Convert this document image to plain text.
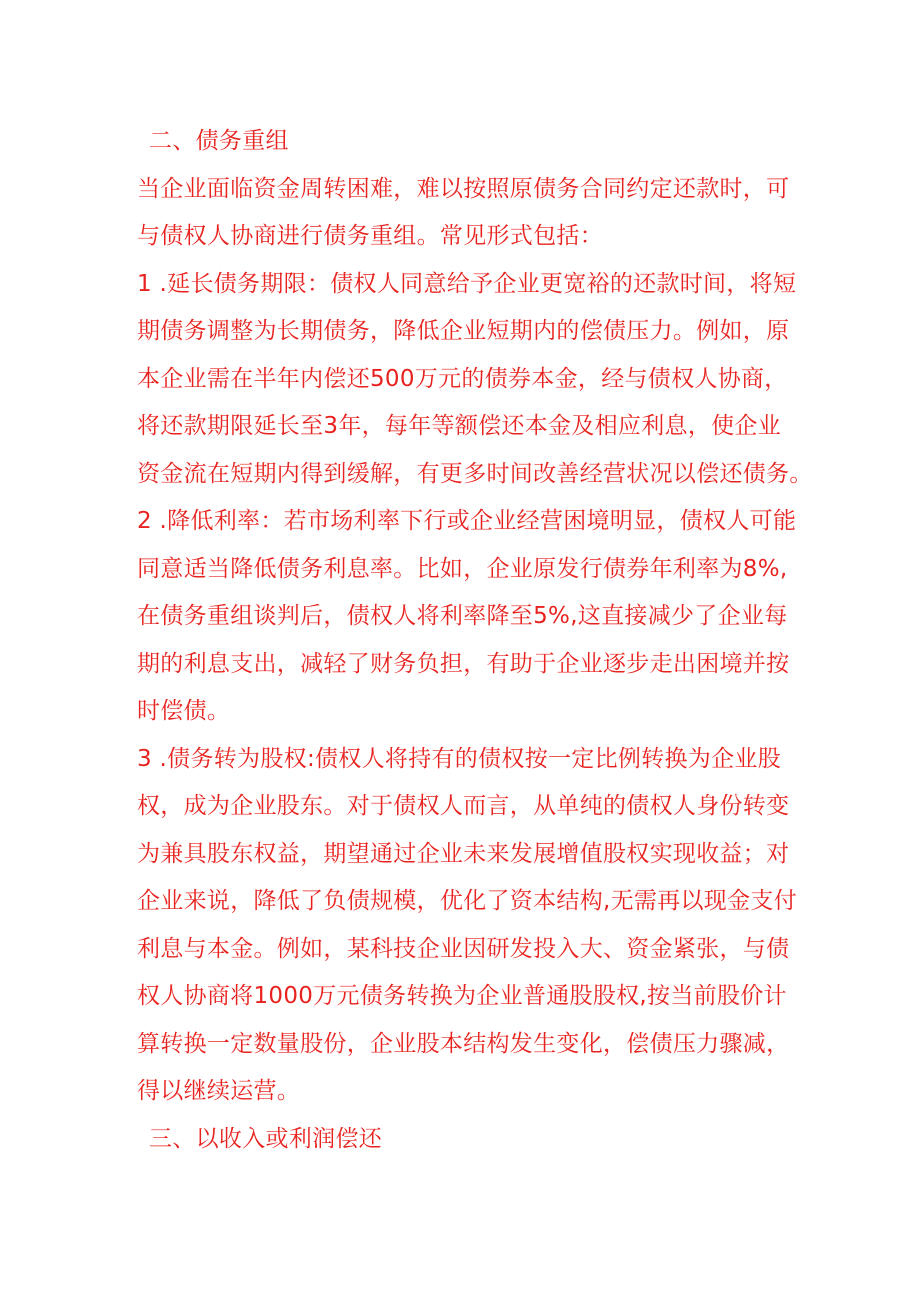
二、债务重组
当企业面临资金周转困难，难以按照原债务合同约定还款时，可
与债权人协商进行债务重组。常见形式包括：
1 .延长债务期限：债权人同意给予企业更宽裕的还款时间，将短
期债务调整为长期债务，降低企业短期内的偿债压力。例如，原
本企业需在半年内偿还500万元的债券本金，经与债权人协商，
将还款期限延长至3年，每年等额偿还本金及相应利息，使企业
资金流在短期内得到缓解，有更多时间改善经营状况以偿还债务。
2 .降低利率：若市场利率下行或企业经营困境明显，债权人可能
同意适当降低债务利息率。比如，企业原发行债券年利率为8%,
在债务重组谈判后，债权人将利率降至5%,这直接减少了企业每
期的利息支出，减轻了财务负担，有助于企业逐步走出困境并按
时偿债。
3 .债务转为股权:债权人将持有的债权按一定比例转换为企业股
权，成为企业股东。对于债权人而言，从单纯的债权人身份转变
为兼具股东权益，期望通过企业未来发展增值股权实现收益；对
企业来说，降低了负债规模，优化了资本结构,无需再以现金支付
利息与本金。例如，某科技企业因研发投入大、资金紧张，与债
权人协商将1000万元债务转换为企业普通股股权,按当前股价计
算转换一定数量股份，企业股本结构发生变化，偿债压力骤减，
得以继续运营。
三、以收入或利润偿还
